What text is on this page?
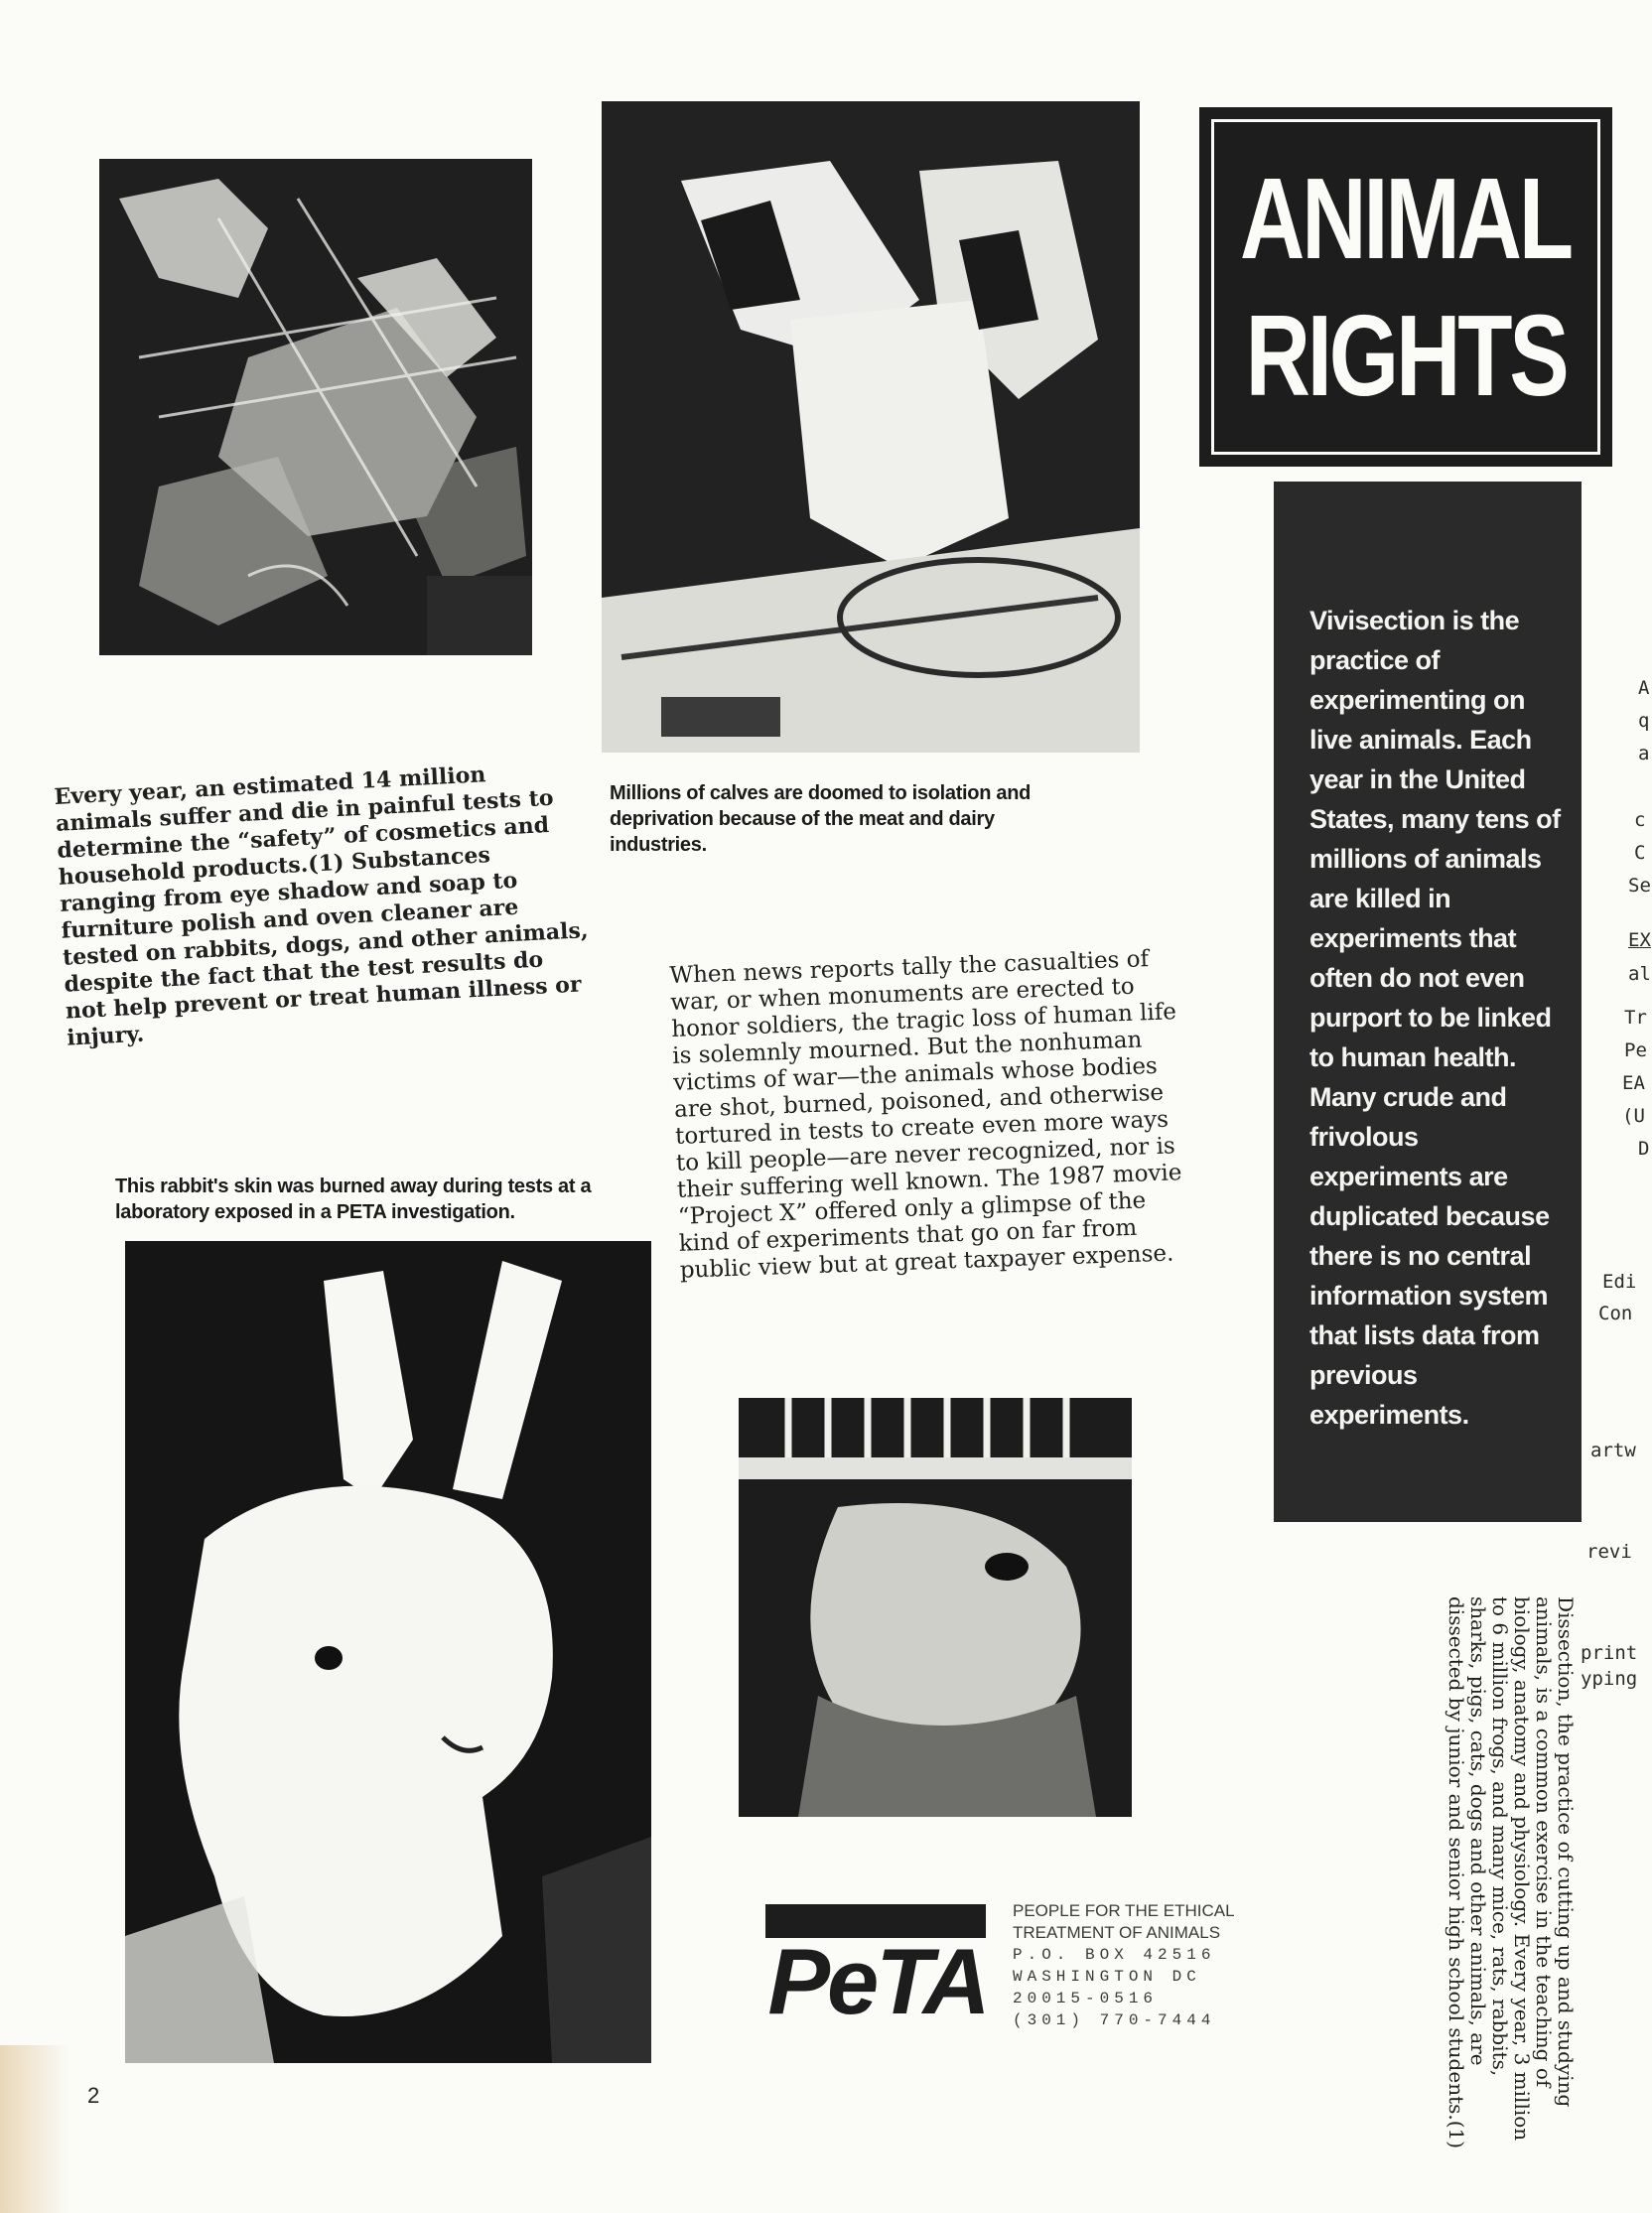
ANIMAL
RIGHTS
Vivisection is the practice of experimenting on live animals. Each year in the United States, many tens of millions of animals are killed in experiments that often do not even purport to be linked to human health. Many crude and frivolous experiments are duplicated because there is no central information system that lists data from previous experiments.
Every year, an estimated 14 million animals suffer and die in painful tests to determine the “safety” of cosmetics and household products.(1) Substances ranging from eye shadow and soap to furniture polish and oven cleaner are tested on rabbits, dogs, and other animals, despite the fact that the test results do not help prevent or treat human illness or injury.
Millions of calves are doomed to isolation and deprivation because of the meat and dairy industries.
When news reports tally the casualties of war, or when monuments are erected to honor soldiers, the tragic loss of human life is solemnly mourned. But the nonhuman victims of war—the animals whose bodies are shot, burned, poisoned, and otherwise tortured in tests to create even more ways to kill people—are never recognized, nor is their suffering well known. The 1987 movie “Project X” offered only a glimpse of the kind of experiments that go on far from public view but at great taxpayer expense.
This rabbit's skin was burned away during tests at a laboratory exposed in a PETA investigation.
PeTA
PEOPLE FOR THE ETHICAL
TREATMENT OF ANIMALS
P.O. BOX 42516
WASHINGTON DC
20015-0516
(301) 770-7444	Dissection, the practice of cutting up and studying animals, is a common exercise in the teaching of biology, anatomy and physiology. Every year, 3 million to 6 million frogs, and many mice, rats, rabbits, sharks, pigs, cats, dogs and other animals, are dissected by junior and senior high school students.(1)
A
q
a
c
C
Se
EX
al
Tr
Pe
EA
(U
D
Edi
Con
artw
revi
print
yping
2
